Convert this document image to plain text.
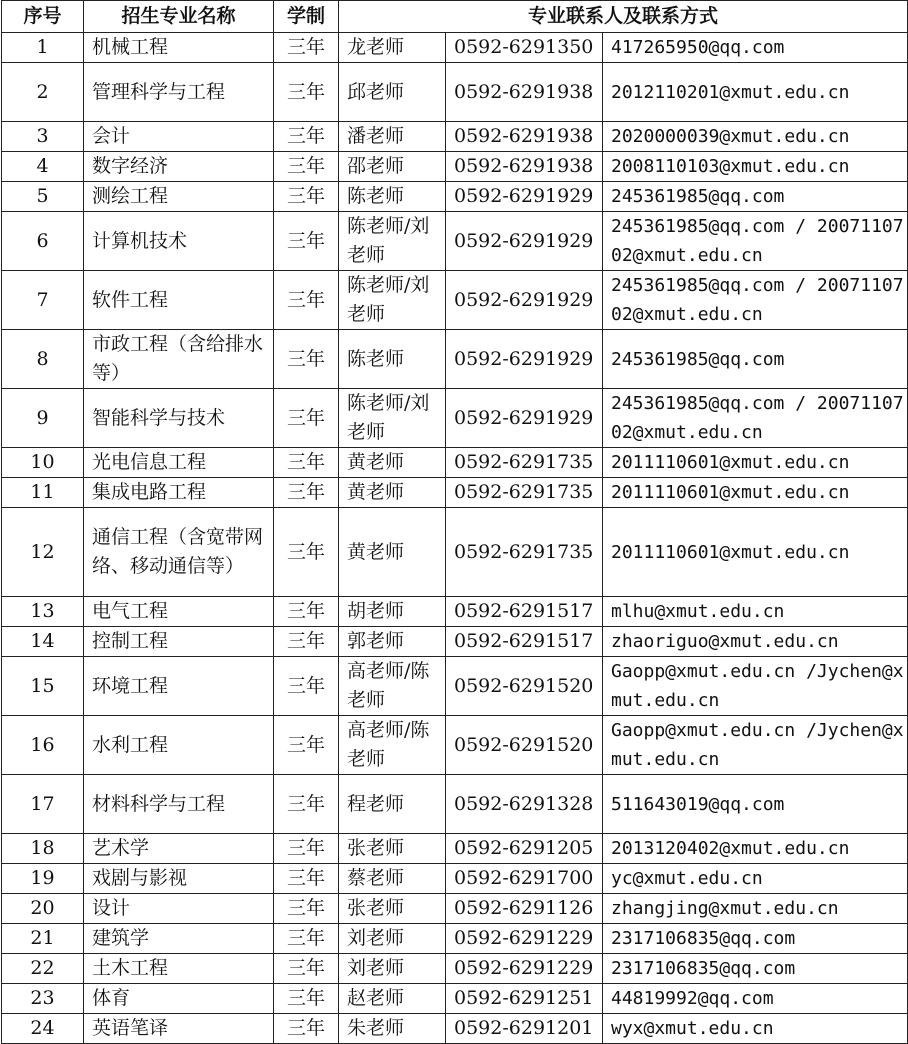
序号	招生专业名称	学制	专业联系人及联系方式		
1	机械工程	三年	龙老师	0592-6291350	417265950@qq.com
2	管理科学与工程	三年	邱老师	0592-6291938	2012110201@xmut.edu.cn
3	会计	三年	潘老师	0592-6291938	2020000039@xmut.edu.cn
4	数字经济	三年	邵老师	0592-6291938	2008110103@xmut.edu.cn
5	测绘工程	三年	陈老师	0592-6291929	245361985@qq.com
6	计算机技术	三年	陈老师/刘老师	0592-6291929	245361985@qq.com / 2007110702@xmut.edu.cn
7	软件工程	三年	陈老师/刘老师	0592-6291929	245361985@qq.com / 2007110702@xmut.edu.cn
8	市政工程（含给排水等）	三年	陈老师	0592-6291929	245361985@qq.com
9	智能科学与技术	三年	陈老师/刘老师	0592-6291929	245361985@qq.com / 2007110702@xmut.edu.cn
10	光电信息工程	三年	黄老师	0592-6291735	2011110601@xmut.edu.cn
11	集成电路工程	三年	黄老师	0592-6291735	2011110601@xmut.edu.cn
12	通信工程（含宽带网络、移动通信等）	三年	黄老师	0592-6291735	2011110601@xmut.edu.cn
13	电气工程	三年	胡老师	0592-6291517	mlhu@xmut.edu.cn
14	控制工程	三年	郭老师	0592-6291517	zhaoriguo@xmut.edu.cn
15	环境工程	三年	高老师/陈老师	0592-6291520	Gaopp@xmut.edu.cn /Jychen@xmut.edu.cn
16	水利工程	三年	高老师/陈老师	0592-6291520	Gaopp@xmut.edu.cn /Jychen@xmut.edu.cn
17	材料科学与工程	三年	程老师	0592-6291328	511643019@qq.com
18	艺术学	三年	张老师	0592-6291205	2013120402@xmut.edu.cn
19	戏剧与影视	三年	蔡老师	0592-6291700	yc@xmut.edu.cn
20	设计	三年	张老师	0592-6291126	zhangjing@xmut.edu.cn
21	建筑学	三年	刘老师	0592-6291229	2317106835@qq.com
22	土木工程	三年	刘老师	0592-6291229	2317106835@qq.com
23	体育	三年	赵老师	0592-6291251	44819992@qq.com
24	英语笔译	三年	朱老师	0592-6291201	wyx@xmut.edu.cn
